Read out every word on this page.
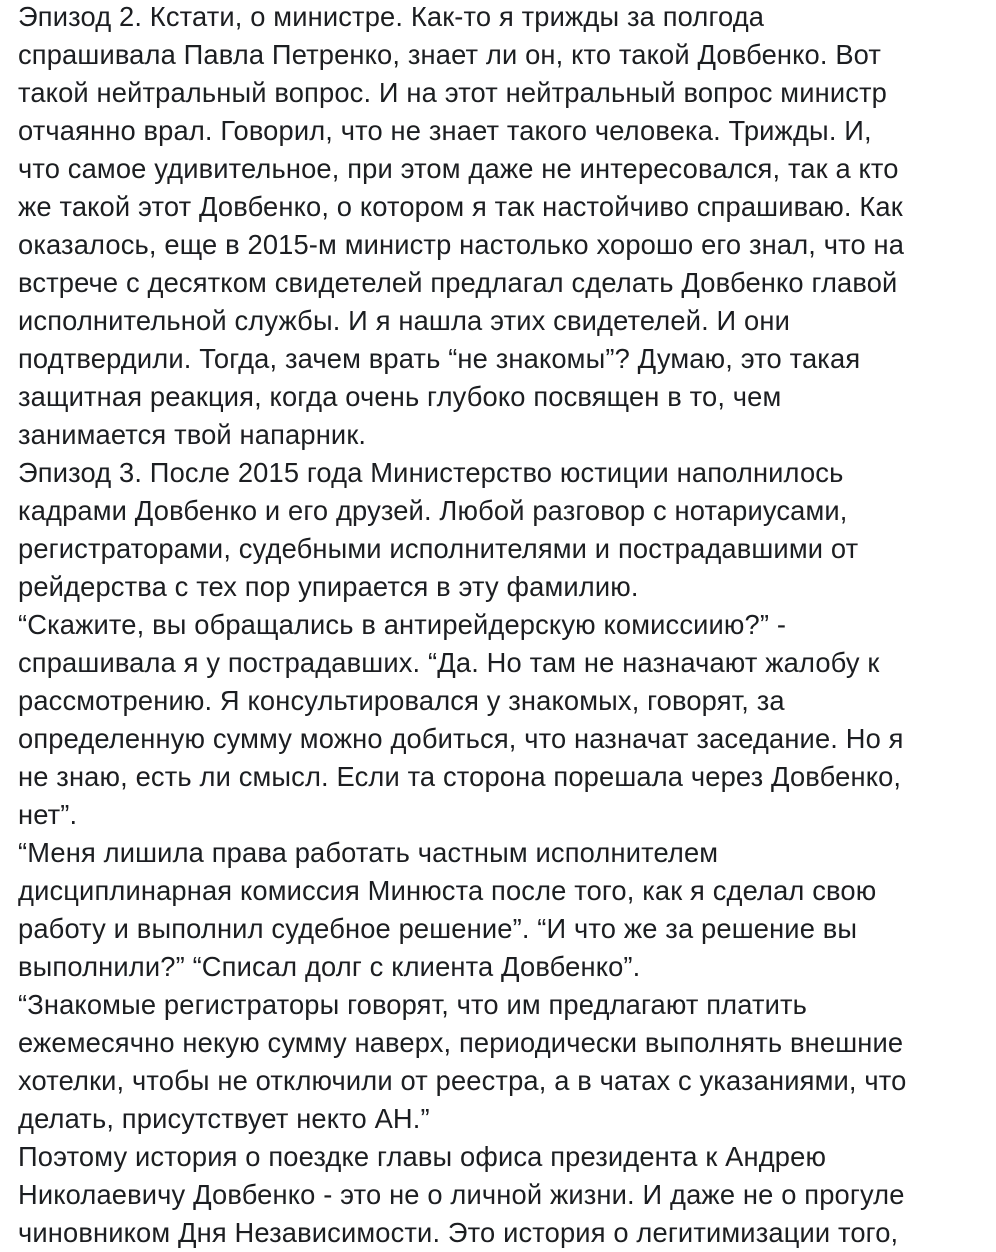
Эпизод 2. Кстати, о министре. Как-то я трижды за полгода
спрашивала Павла Петренко, знает ли он, кто такой Довбенко. Вот
такой нейтральный вопрос. И на этот нейтральный вопрос министр
отчаянно врал. Говорил, что не знает такого человека. Трижды. И,
что самое удивительное, при этом даже не интересовался, так а кто
же такой этот Довбенко, о котором я так настойчиво спрашиваю. Как
оказалось, еще в 2015-м министр настолько хорошо его знал, что на
встрече с десятком свидетелей предлагал сделать Довбенко главой
исполнительной службы. И я нашла этих свидетелей. И они
подтвердили. Тогда, зачем врать “не знакомы”? Думаю, это такая
защитная реакция, когда очень глубоко посвящен в то, чем
занимается твой напарник.
Эпизод 3. После 2015 года Министерство юстиции наполнилось
кадрами Довбенко и его друзей. Любой разговор с нотариусами,
регистраторами, судебными исполнителями и пострадавшими от
рейдерства с тех пор упирается в эту фамилию.
“Скажите, вы обращались в антирейдерскую комиссиию?” -
спрашивала я у пострадавших. “Да. Но там не назначают жалобу к
рассмотрению. Я консультировался у знакомых, говорят, за
определенную сумму можно добиться, что назначат заседание. Но я
не знаю, есть ли смысл. Если та сторона порешала через Довбенко,
нет”.
“Меня лишила права работать частным исполнителем
дисциплинарная комиссия Минюста после того, как я сделал свою
работу и выполнил судебное решение”. “И что же за решение вы
выполнили?” “Списал долг с клиента Довбенко”.
“Знакомые регистраторы говорят, что им предлагают платить
ежемесячно некую сумму наверх, периодически выполнять внешние
хотелки, чтобы не отключили от реестра, а в чатах с указаниями, что
делать, присутствует некто АН.”
Поэтому история о поездке главы офиса президента к Андрею
Николаевичу Довбенко - это не о личной жизни. И даже не о прогуле
чиновником Дня Независимости. Это история о легитимизации того,
